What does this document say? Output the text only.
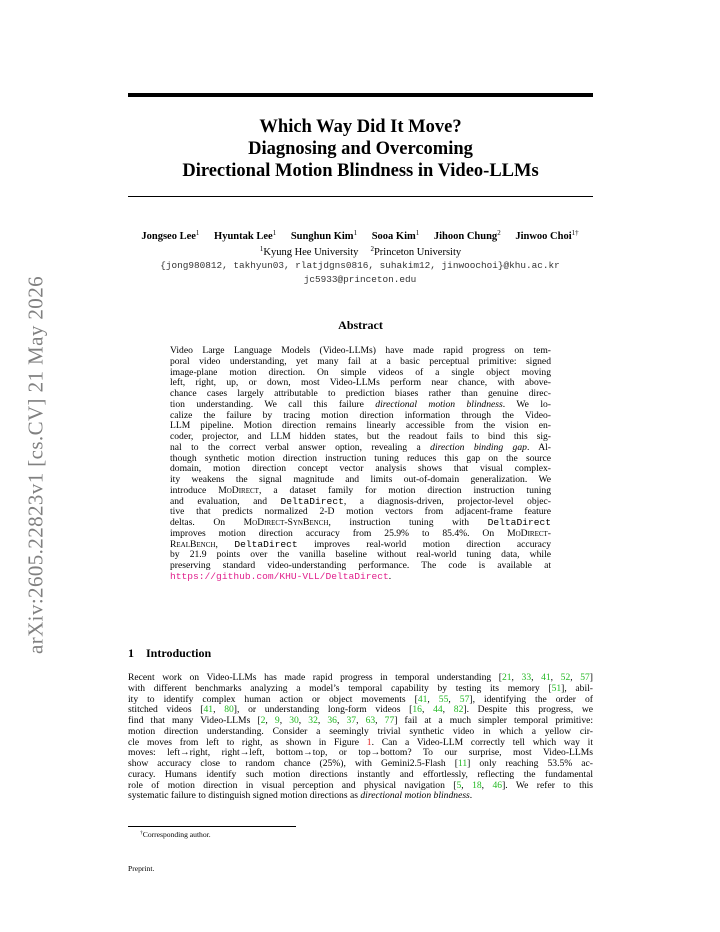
arXiv:2605.22823v1 [cs.CV] 21 May 2026
Which Way Did It Move?
Diagnosing and Overcoming
Directional Motion Blindness in Video-LLMs
Jongseo Lee$^1$ Hyuntak Lee$^1$ Sunghun Kim$^1$ Sooa Kim$^1$ Jihoon Chung$^2$ Jinwoo Choi$^{1\dagger}$
$^1$Kyung Hee University $^2$Princeton University
{jong980812, takhyun03, rlatjdgns0816, suhakim12, jinwoochoi}@khu.ac.kr
jc5933@princeton.edu
Abstract
Video Large Language Models (Video-LLMs) have made rapid progress on tem-
poral video understanding, yet many fail at a basic perceptual primitive: signed
image-plane motion direction. On simple videos of a single object moving
left, right, up, or down, most Video-LLMs perform near chance, with above-
chance cases largely attributable to prediction biases rather than genuine direc-
tion understanding. We call this failure directional motion blindness. We lo-
calize the failure by tracing motion direction information through the Video-
LLM pipeline. Motion direction remains linearly accessible from the vision en-
coder, projector, and LLM hidden states, but the readout fails to bind this sig-
nal to the correct verbal answer option, revealing a direction binding gap. Al-
though synthetic motion direction instruction tuning reduces this gap on the source
domain, motion direction concept vector analysis shows that visual complex-
ity weakens the signal magnitude and limits out-of-domain generalization. We
introduce MoDirect, a dataset family for motion direction instruction tuning
and evaluation, and DeltaDirect, a diagnosis-driven, projector-level objec-
tive that predicts normalized 2-D motion vectors from adjacent-frame feature
deltas. On MoDirect-SynBench, instruction tuning with DeltaDirect
improves motion direction accuracy from 25.9% to 85.4%. On MoDirect-
RealBench, DeltaDirect improves real-world motion direction accuracy
by 21.9 points over the vanilla baseline without real-world tuning data, while
preserving standard video-understanding performance. The code is available at
https://github.com/KHU-VLL/DeltaDirect.
1 Introduction
Recent work on Video-LLMs has made rapid progress in temporal understanding [21, 33, 41, 52, 57]
with different benchmarks analyzing a model’s temporal capability by testing its memory [51], abil-
ity to identify complex human action or object movements [41, 55, 57], identifying the order of
stitched videos [41, 80], or understanding long-form videos [16, 44, 82]. Despite this progress, we
find that many Video-LLMs [2, 9, 30, 32, 36, 37, 63, 77] fail at a much simpler temporal primitive:
motion direction understanding. Consider a seemingly trivial synthetic video in which a yellow cir-
cle moves from left to right, as shown in Figure 1. Can a Video-LLM correctly tell which way it
moves: left→right, right→left, bottom→top, or top→bottom? To our surprise, most Video-LLMs
show accuracy close to random chance (25%), with Gemini2.5-Flash [11] only reaching 53.5% ac-
curacy. Humans identify such motion directions instantly and effortlessly, reflecting the fundamental
role of motion direction in visual perception and physical navigation [5, 18, 46]. We refer to this
systematic failure to distinguish signed motion directions as directional motion blindness.
†Corresponding author.
Preprint.
